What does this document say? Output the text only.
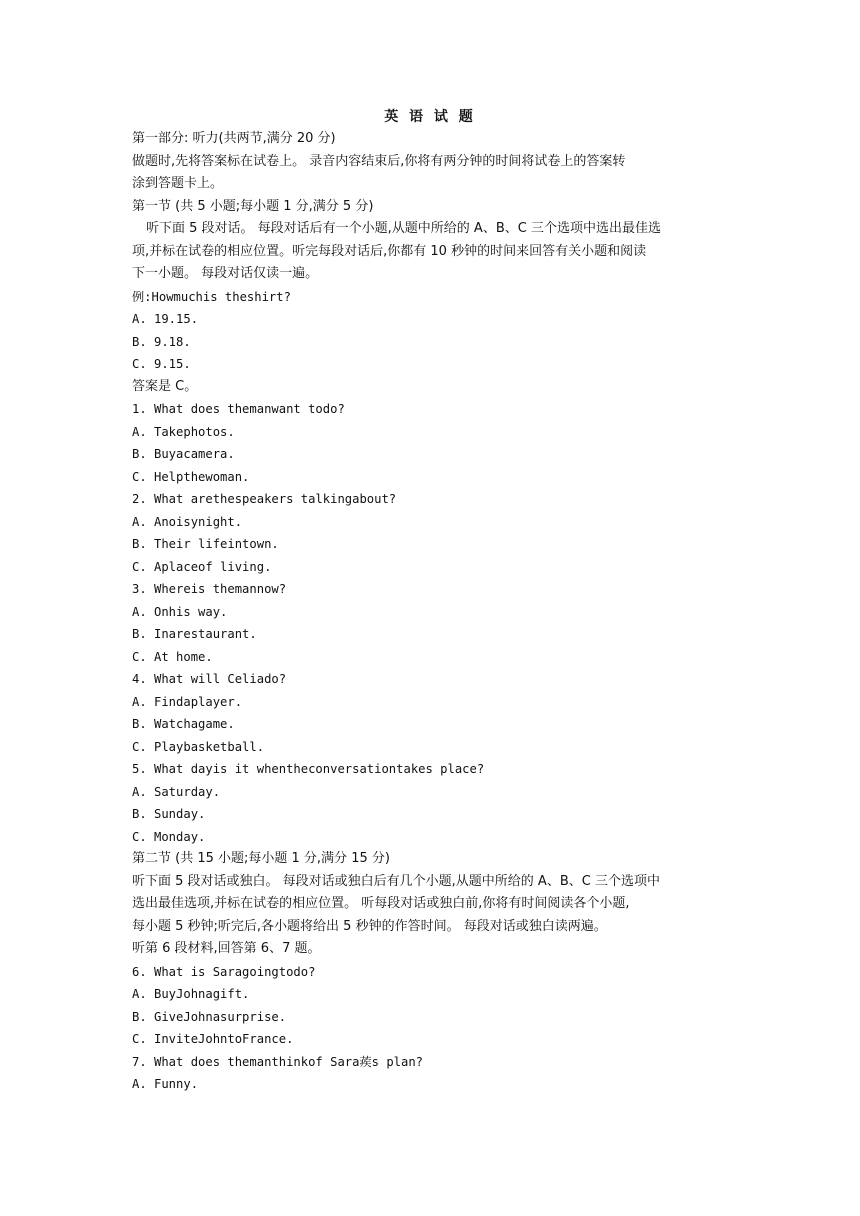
英 语 试 题
第一部分: 听力(共两节,满分 20 分)
做题时,先将答案标在试卷上。 录音内容结束后,你将有两分钟的时间将试卷上的答案转
涂到答题卡上。
第一节 (共 5 小题;每小题 1 分,满分 5 分)
听下面 5 段对话。 每段对话后有一个小题,从题中所给的 A、B、C 三个选项中选出最佳选
项,并标在试卷的相应位置。听完每段对话后,你都有 10 秒钟的时间来回答有关小题和阅读
下一小题。 每段对话仅读一遍。
例:Howmuchis theshirt?
A. 19.15.
B. 9.18.
C. 9.15.
答案是 C。
1. What does themanwant todo?
A. Takephotos.
B. Buyacamera.
C. Helpthewoman.
2. What arethespeakers talkingabout?
A. Anoisynight.
B. Their lifeintown.
C. Aplaceof living.
3. Whereis themannow?
A. Onhis way.
B. Inarestaurant.
C. At home.
4. What will Celiado?
A. Findaplayer.
B. Watchagame.
C. Playbasketball.
5. What dayis it whentheconversationtakes place?
A. Saturday.
B. Sunday.
C. Monday.
第二节 (共 15 小题;每小题 1 分,满分 15 分)
听下面 5 段对话或独白。 每段对话或独白后有几个小题,从题中所给的 A、B、C 三个选项中
选出最佳选项,并标在试卷的相应位置。 听每段对话或独白前,你将有时间阅读各个小题,
每小题 5 秒钟;听完后,各小题将给出 5 秒钟的作答时间。 每段对话或独白读两遍。
听第 6 段材料,回答第 6、7 题。
6. What is Saragoingtodo?
A. BuyJohnagift.
B. GiveJohnasurprise.
C. InviteJohntoFrance.
7. What does themanthinkof Sara蒺s plan?
A. Funny.
